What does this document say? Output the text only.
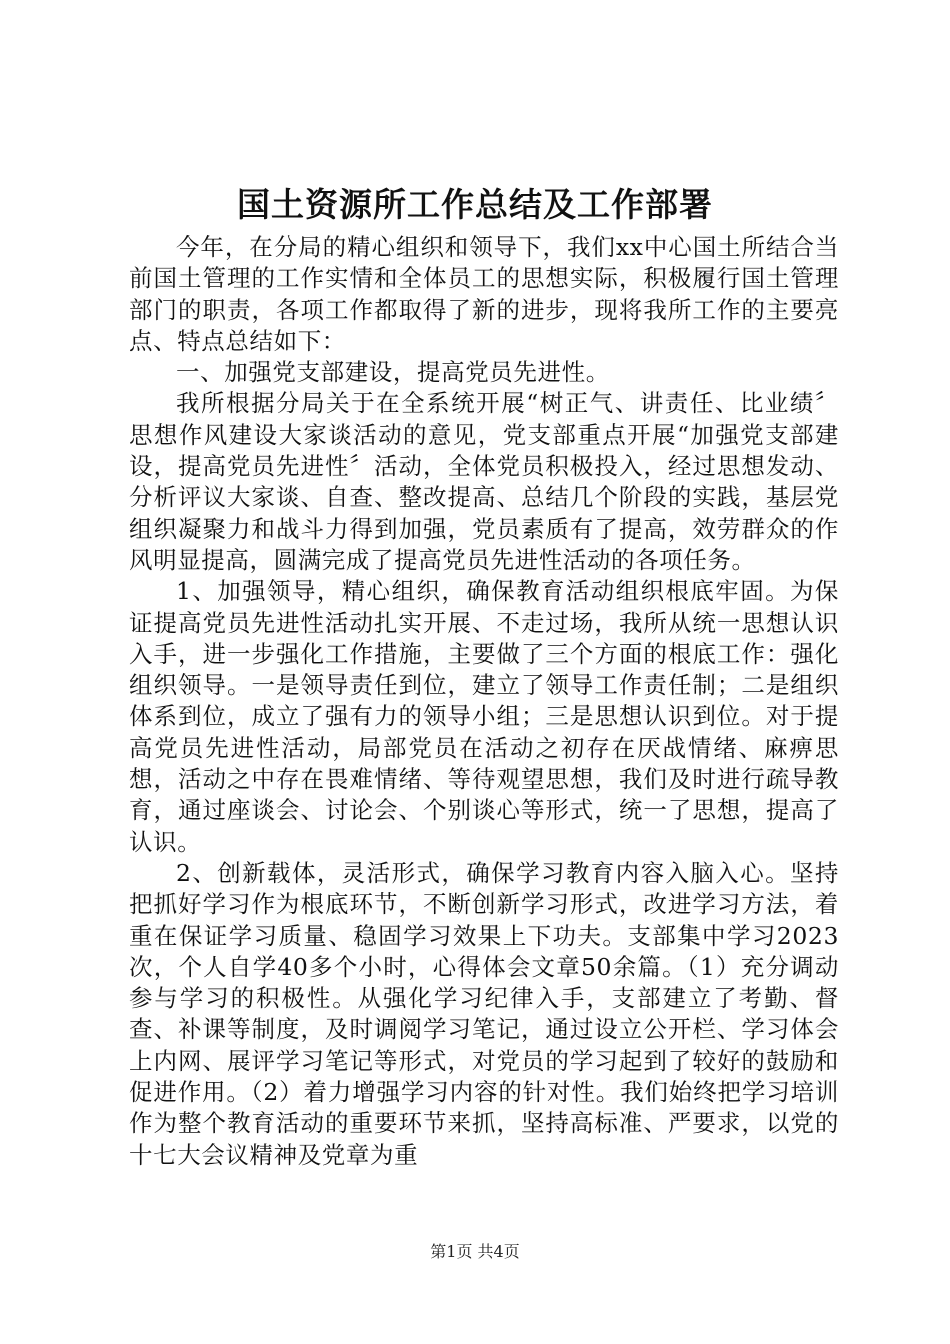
国土资源所工作总结及工作部署

今年，在分局的精心组织和领导下，我们xx中心国土所结合当前国土管理的工作实情和全体员工的思想实际，积极履行国土管理部门的职责，各项工作都取得了新的进步，现将我所工作的主要亮点、特点总结如下：

一、加强党支部建设，提高党员先进性。

我所根据分局关于在全系统开展“树正气、讲责任、比业绩〞思想作风建设大家谈活动的意见，党支部重点开展“加强党支部建设，提高党员先进性〞活动，全体党员积极投入，经过思想发动、分析评议大家谈、自查、整改提高、总结几个阶段的实践，基层党组织凝聚力和战斗力得到加强，党员素质有了提高，效劳群众的作风明显提高，圆满完成了提高党员先进性活动的各项任务。

1、加强领导，精心组织，确保教育活动组织根底牢固。为保证提高党员先进性活动扎实开展、不走过场，我所从统一思想认识入手，进一步强化工作措施，主要做了三个方面的根底工作：强化组织领导。一是领导责任到位，建立了领导工作责任制；二是组织体系到位，成立了强有力的领导小组；三是思想认识到位。对于提高党员先进性活动，局部党员在活动之初存在厌战情绪、麻痹思想，活动之中存在畏难情绪、等待观望思想，我们及时进行疏导教育，通过座谈会、讨论会、个别谈心等形式，统一了思想，提高了认识。

2、创新载体，灵活形式，确保学习教育内容入脑入心。坚持把抓好学习作为根底环节，不断创新学习形式，改进学习方法，着重在保证学习质量、稳固学习效果上下功夫。支部集中学习2023次，个人自学40多个小时，心得体会文章50余篇。（1）充分调动参与学习的积极性。从强化学习纪律入手，支部建立了考勤、督查、补课等制度，及时调阅学习笔记，通过设立公开栏、学习体会上内网、展评学习笔记等形式，对党员的学习起到了较好的鼓励和促进作用。（2）着力增强学习内容的针对性。我们始终把学习培训作为整个教育活动的重要环节来抓，坚持高标准、严要求，以党的十七大会议精神及党章为重

第1页 共4页
